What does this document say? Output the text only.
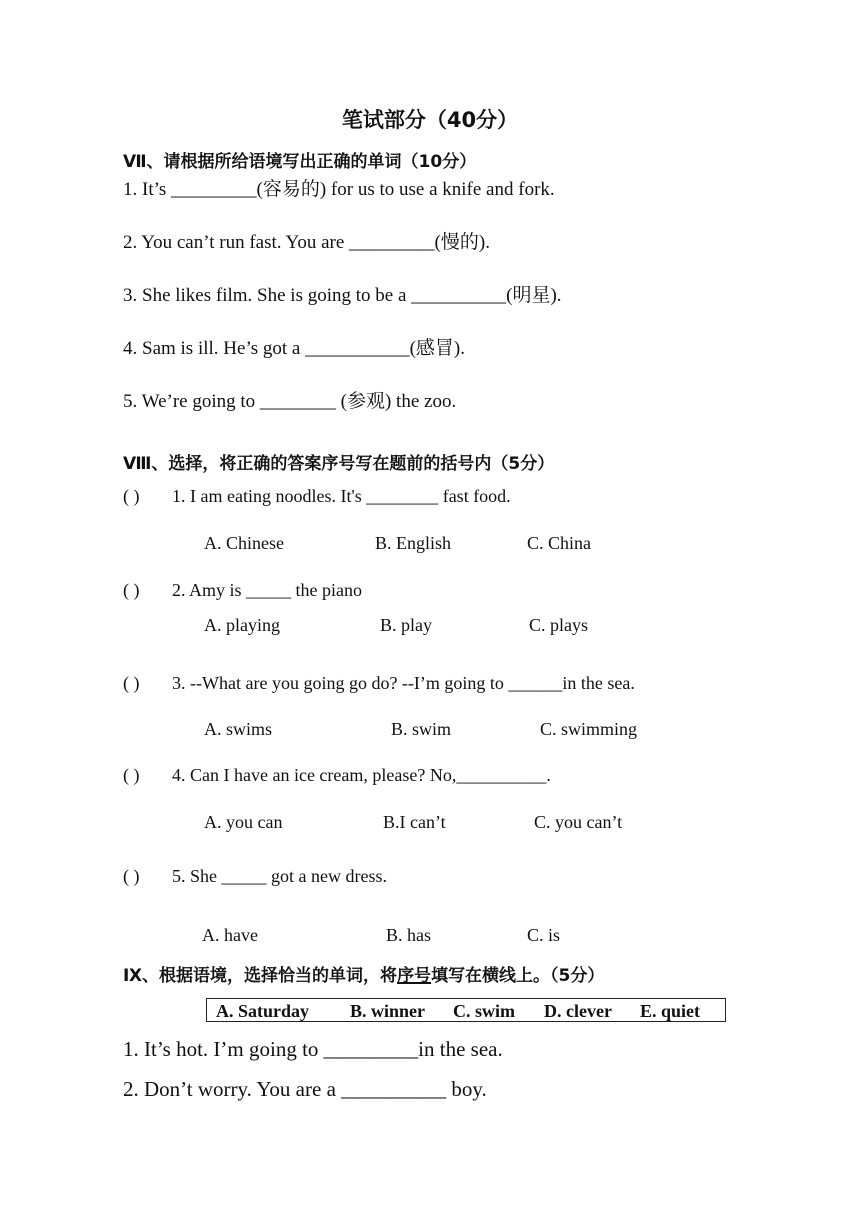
笔试部分（40分）
Ⅶ、请根据所给语境写出正确的单词（10分）
1. It’s _________(容易的) for us to use a knife and fork.
2. You can’t run fast. You are _________(慢的).
3. She likes film. She is going to be a __________(明星).
4. Sam is ill. He’s got a ___________(感冒).
5. We’re going to ________ (参观) the zoo.
Ⅷ、选择，将正确的答案序号写在题前的括号内（5分）
( ) 1. I am eating noodles. It's ________ fast food.
A. Chinese	B. English	C. China
( ) 2. Amy is _____ the piano
A. playing	B. play	C. plays
( ) 3. --What are you going go do? --I’m going to ______in the sea.
A. swims	B. swim	C. swimming
( ) 4. Can I have an ice cream, please? No,__________.
A. you can	B.I can’t	C. you can’t
( ) 5. She _____ got a new dress.
A. have	B. has	C. is
Ⅸ、根据语境，选择恰当的单词，将序号填写在横线上。（5分）
A. Saturday B. winner C. swim D. clever E. quiet
1. It’s hot. I’m going to _________in the sea.
2. Don’t worry. You are a __________ boy.
